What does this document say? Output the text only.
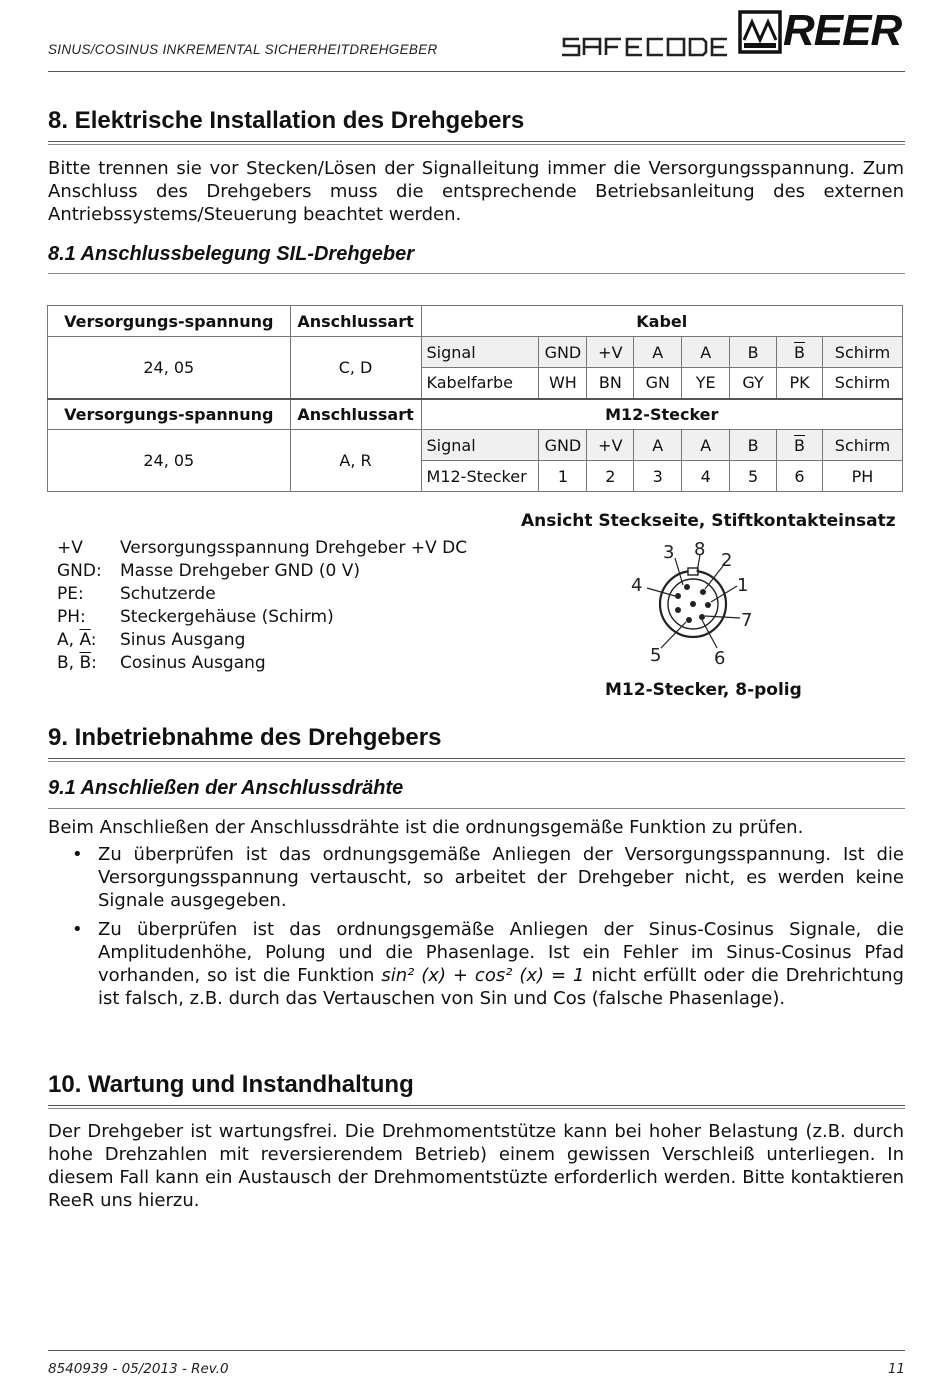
SINUS/COSINUS INKREMENTAL SICHERHEITDREHGEBER	REER
8. Elektrische Installation des Drehgebers
Bitte trennen sie vor Stecken/Lösen der Signalleitung immer die Versorgungsspannung. Zum Anschluss des Drehgebers muss die entsprechende Betriebsanleitung des externen Antriebssystems/Steuerung beachtet werden.
8.1 Anschlussbelegung SIL-Drehgeber
Versorgungs-spannung	Anschlussart	Kabel							
24, 05	C, D	Signal	GND	+V	A	A	B	$\overline{B}$	Schirm
		Kabelfarbe	WH	BN	GN	YE	GY	PK	Schirm
Versorgungs-spannung	Anschlussart	M12-Stecker							
24, 05	A, R	Signal	GND	+V	A	A	B	$\overline{B}$	Schirm
		M12-Stecker	1	2	3	4	5	6	PH
+V	Versorgungsspannung Drehgeber +V DC
GND:	Masse Drehgeber GND (0 V)
PE:	Schutzerde
PH:	Steckergehäuse (Schirm)
A, $\overline{A}$:	Sinus Ausgang
B, $\overline{B}$:	Cosinus Ausgang
Ansicht Steckseite, Stiftkontakteinsatz
3 8
2
1
7
6
5
4
M12-Stecker, 8-polig
9. Inbetriebnahme des Drehgebers
9.1 Anschließen der Anschlussdrähte
Beim Anschließen der Anschlussdrähte ist die ordnungsgemäße Funktion zu prüfen.
• Zu überprüfen ist das ordnungsgemäße Anliegen der Versorgungsspannung. Ist die Versorgungsspannung vertauscht, so arbeitet der Drehgeber nicht, es werden keine Signale ausgegeben.
• Zu überprüfen ist das ordnungsgemäße Anliegen der Sinus-Cosinus Signale, die Amplitudenhöhe, Polung und die Phasenlage. Ist ein Fehler im Sinus-Cosinus Pfad vorhanden, so ist die Funktion sin² (x) + cos² (x) = 1 nicht erfüllt oder die Drehrichtung ist falsch, z.B. durch das Vertauschen von Sin und Cos (falsche Phasenlage).
10. Wartung und Instandhaltung
Der Drehgeber ist wartungsfrei. Die Drehmomentstütze kann bei hoher Belastung (z.B. durch hohe Drehzahlen mit reversierendem Betrieb) einem gewissen Verschleiß unterliegen. In diesem Fall kann ein Austausch der Drehmomentstüzte erforderlich werden. Bitte kontaktieren ReeR uns hierzu.
8540939 - 05/2013 - Rev.0	11
